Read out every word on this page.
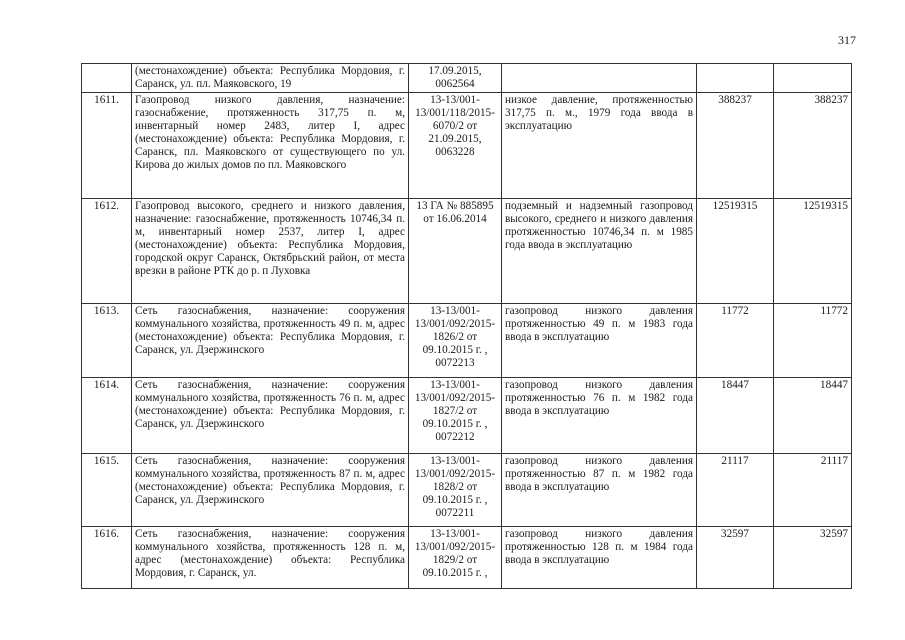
317
	(местонахождение) объекта: Республика Мордовия, г. Саранск, ул. пл. Маяковского, 19	17.09.2015, 0062564			
1611.	Газопровод низкого давления, назначение: газоснабжение, протяженность 317,75 п. м, инвентарный номер 2483, литер I, адрес (местонахождение) объекта: Республика Мордовия, г. Саранск, пл. Маяковского от существующего по ул. Кирова до жилых домов по пл. Маяковского	13-13/001-13/001/118/2015-6070/2 от 21.09.2015, 0063228	низкое давление, протяженностью 317,75 п. м., 1979 года ввода в эксплуатацию	388237	388237
1612.	Газопровод высокого, среднего и низкого давления, назначение: газоснабжение, протяженность 10746,34 п. м, инвентарный номер 2537, литер I, адрес (местонахождение) объекта: Республика Мордовия, городской округ Саранск, Октябрьский район, от места врезки в районе РТК до р. п Луховка	13 ГА № 885895 от 16.06.2014	подземный и надземный газопровод высокого, среднего и низкого давления протяженностью 10746,34 п. м 1985 года ввода в эксплуатацию	12519315	12519315
1613.	Сеть газоснабжения, назначение: сооружения коммунального хозяйства, протяженность 49 п. м, адрес (местонахождение) объекта: Республика Мордовия, г. Саранск, ул. Дзержинского	13-13/001-13/001/092/2015-1826/2 от 09.10.2015 г. , 0072213	газопровод низкого давления протяженностью 49 п. м 1983 года ввода в эксплуатацию	11772	11772
1614.	Сеть газоснабжения, назначение: сооружения коммунального хозяйства, протяженность 76 п. м, адрес (местонахождение) объекта: Республика Мордовия, г. Саранск, ул. Дзержинского	13-13/001-13/001/092/2015-1827/2 от 09.10.2015 г. , 0072212	газопровод низкого давления протяженностью 76 п. м 1982 года ввода в эксплуатацию	18447	18447
1615.	Сеть газоснабжения, назначение: сооружения коммунального хозяйства, протяженность 87 п. м, адрес (местонахождение) объекта: Республика Мордовия, г. Саранск, ул. Дзержинского	13-13/001-13/001/092/2015-1828/2 от 09.10.2015 г. , 0072211	газопровод низкого давления протяженностью 87 п. м 1982 года ввода в эксплуатацию	21117	21117
1616.	Сеть газоснабжения, назначение: сооружения коммунального хозяйства, протяженность 128 п. м, адрес (местонахождение) объекта: Республика Мордовия, г. Саранск, ул.	13-13/001-13/001/092/2015-1829/2 от 09.10.2015 г. ,	газопровод низкого давления протяженностью 128 п. м 1984 года ввода в эксплуатацию	32597	32597
